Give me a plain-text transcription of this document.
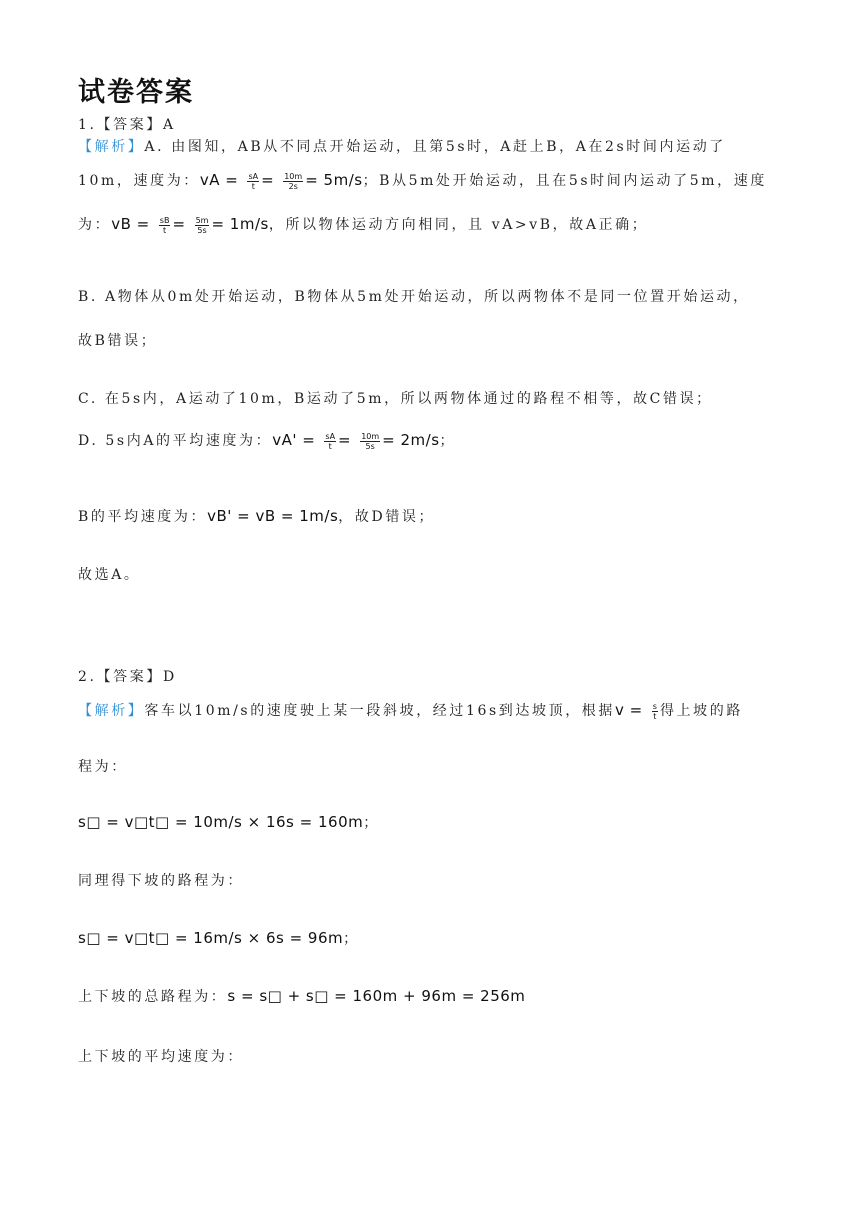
试卷答案
1.【答案】A
【解析】A. 由图知，AB从不同点开始运动，且第5s时，A赶上B，A在2s时间内运动了
10m，速度为：vA = $\frac{sA}{t} = \frac{10m}{2s} = 5m/s$；B从5m处开始运动，且在5s时间内运动了5m，速度
为：vB = $\frac{sB}{t} = \frac{5m}{5s} = 1m/s$，所以物体运动方向相同，且 vA>vB，故A正确；
B. A物体从0m处开始运动，B物体从5m处开始运动，所以两物体不是同一位置开始运动，
故B错误；
C. 在5s内，A运动了10m，B运动了5m，所以两物体通过的路程不相等，故C错误；
D. 5s内A的平均速度为：$vA' = \frac{sA}{t} = \frac{10m}{5s} = 2m/s$；
B的平均速度为：vB' = vB = 1m/s，故D错误；
故选A。
2.【答案】D
【解析】客车以10m/s的速度驶上某一段斜坡，经过16s到达坡顶，根据$v = \frac{s}{t}$ 得上坡的路
程为：
s□ = v□t□ = 10m/s × 16s = 160m；
同理得下坡的路程为：
s□ = v□t□ = 16m/s × 6s = 96m；
上下坡的总路程为：s = s□ + s□ = 160m + 96m = 256m
上下坡的平均速度为：
